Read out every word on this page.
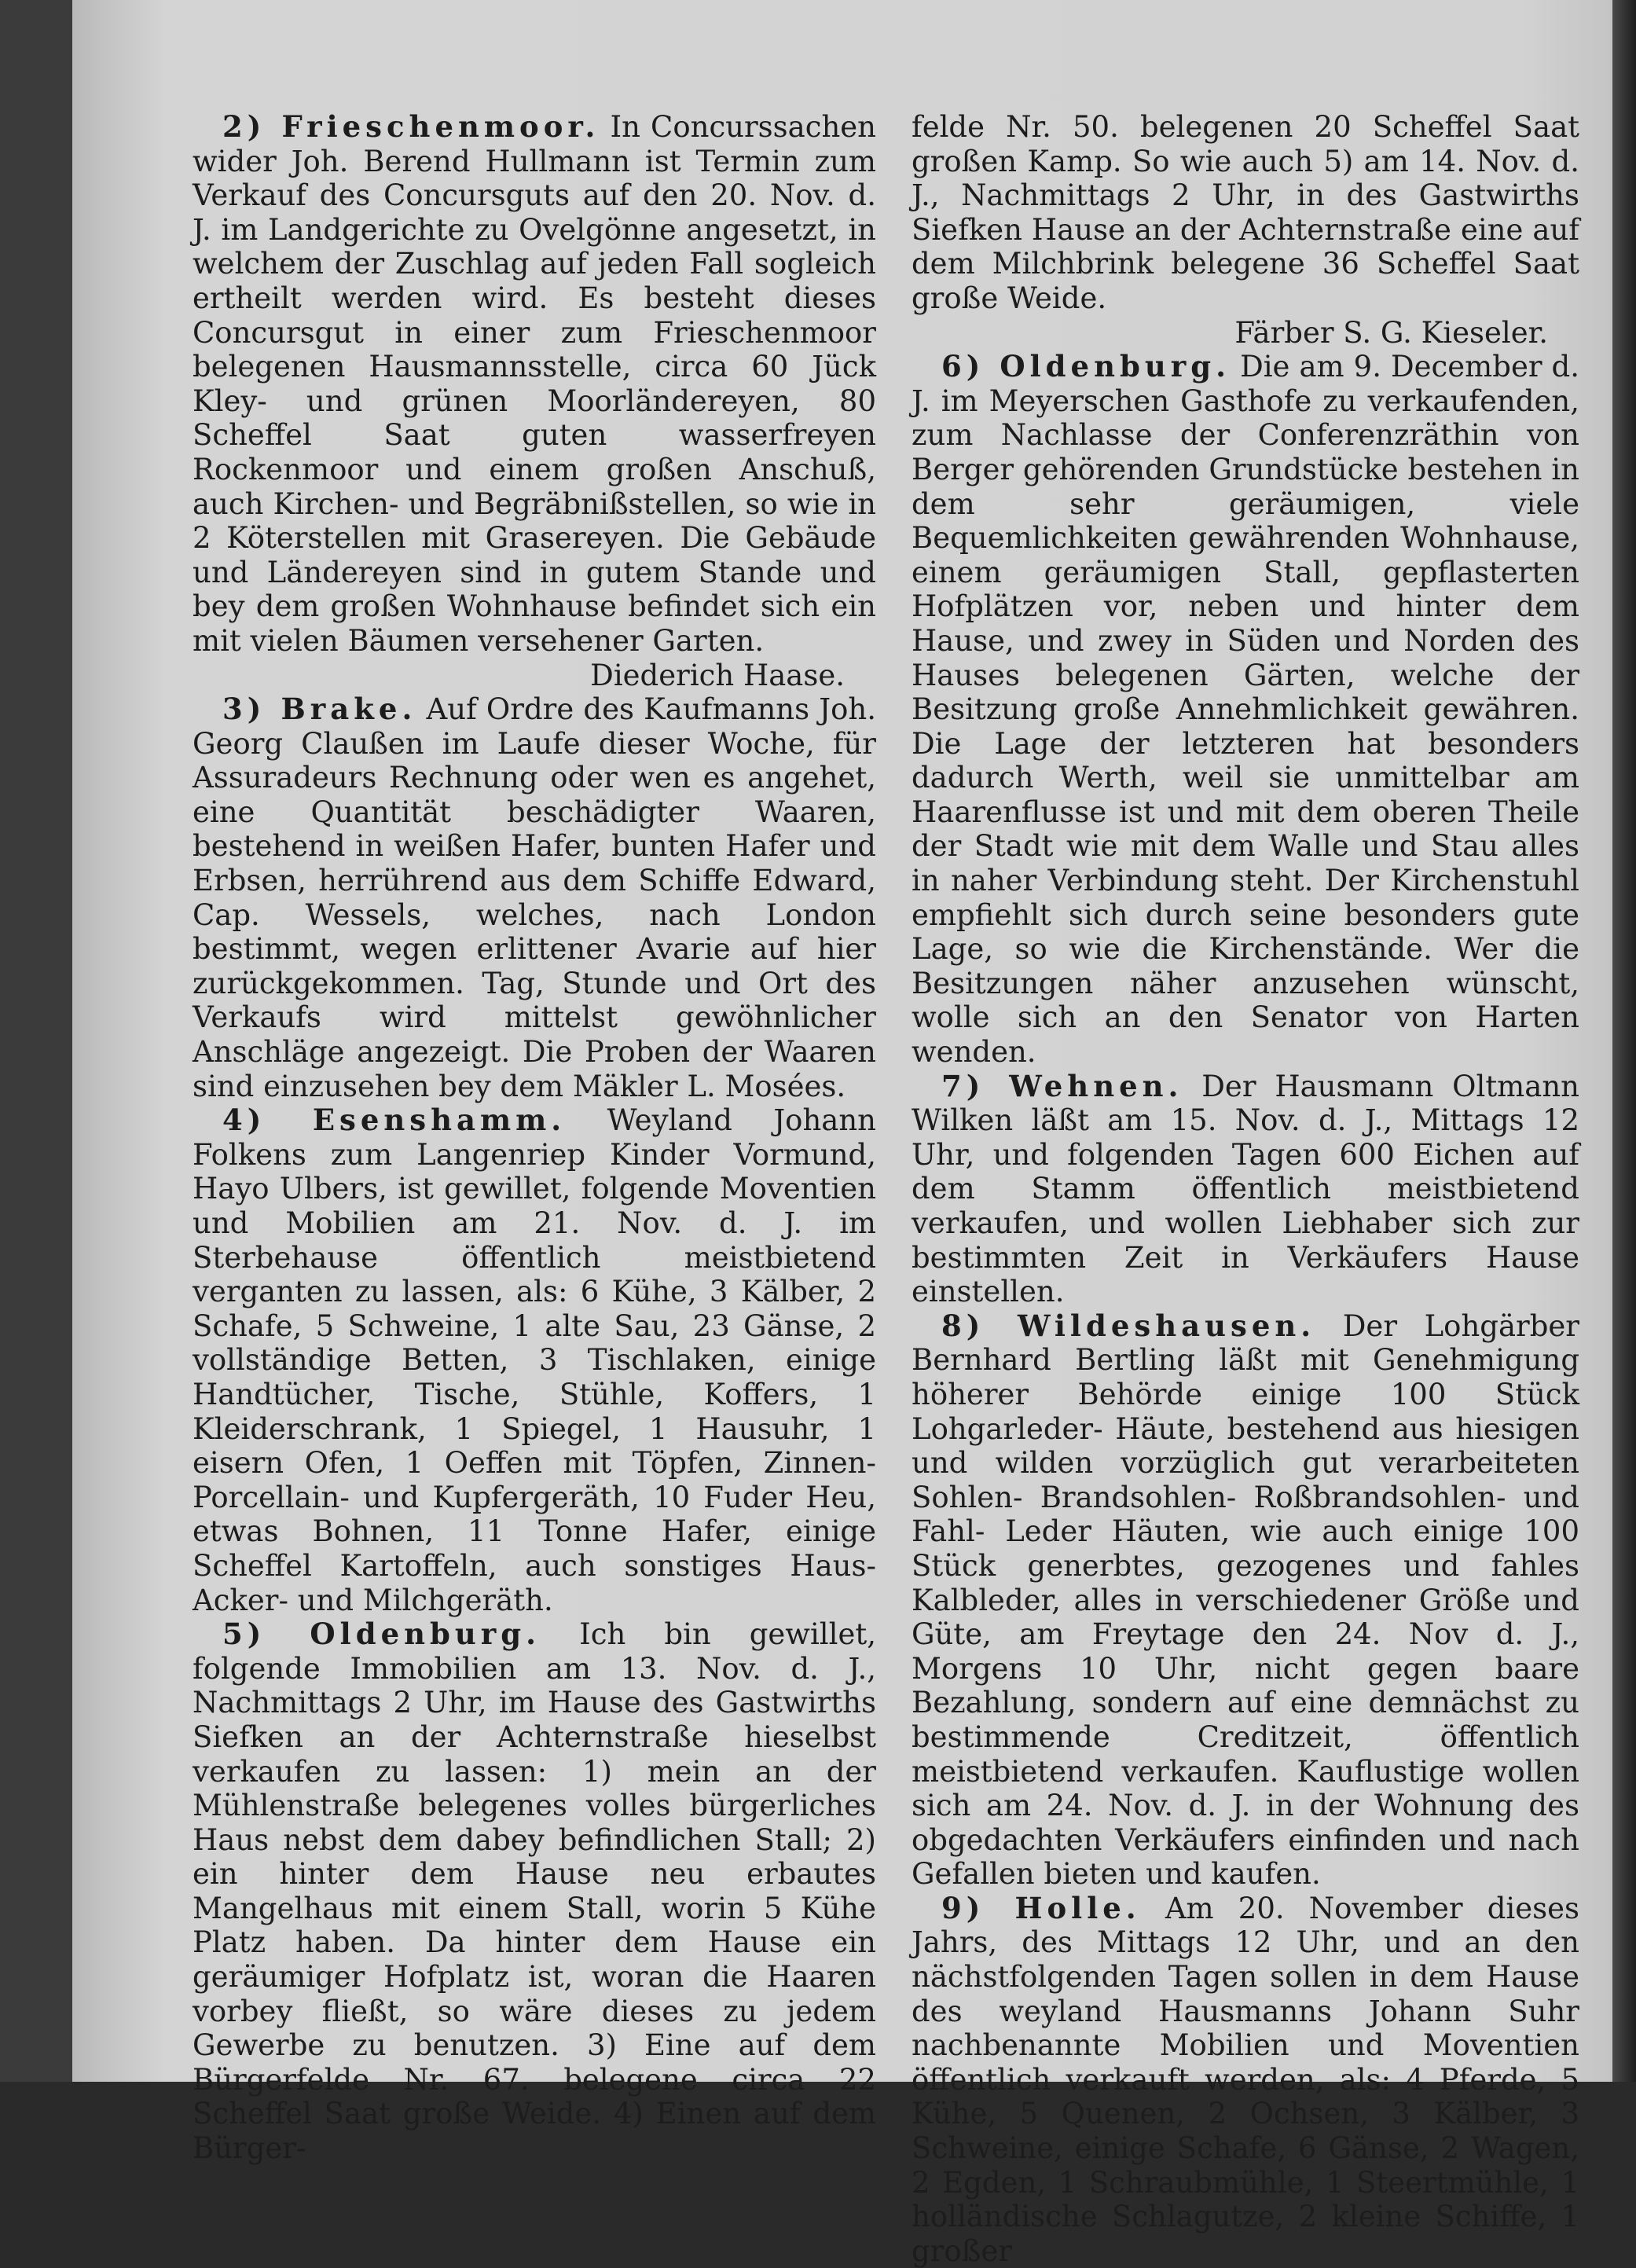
2) Frieschenmoor. In Concurssachen wider Joh. Berend Hullmann ist Termin zum Verkauf des Concursguts auf den 20. Nov. d. J. im Landgerichte zu Ovelgönne angesetzt, in welchem der Zuschlag auf jeden Fall sogleich ertheilt werden wird. Es besteht dieses Concursgut in einer zum Frieschenmoor belegenen Hausmannsstelle, circa 60 Jück Kley- und grünen Moorländereyen, 80 Scheffel Saat guten wasserfreyen Rockenmoor und einem großen Anschuß, auch Kirchen- und Begräbnißstellen, so wie in 2 Köterstellen mit Grasereyen. Die Gebäude und Ländereyen sind in gutem Stande und bey dem großen Wohnhause befindet sich ein mit vielen Bäumen versehener Garten.

Diederich Haase.

3) Brake. Auf Ordre des Kaufmanns Joh. Georg Claußen im Laufe dieser Woche, für Assuradeurs Rechnung oder wen es angehet, eine Quantität beschädigter Waaren, bestehend in weißen Hafer, bunten Hafer und Erbsen, herrührend aus dem Schiffe Edward, Cap. Wessels, welches, nach London bestimmt, wegen erlittener Avarie auf hier zurückgekommen. Tag, Stunde und Ort des Verkaufs wird mittelst gewöhnlicher Anschläge angezeigt. Die Proben der Waaren sind einzusehen bey dem Mäkler L. Mosées.

4) Esenshamm. Weyland Johann Folkens zum Langenriep Kinder Vormund, Hayo Ulbers, ist gewillet, folgende Moventien und Mobilien am 21. Nov. d. J. im Sterbehause öffentlich meistbietend verganten zu lassen, als: 6 Kühe, 3 Kälber, 2 Schafe, 5 Schweine, 1 alte Sau, 23 Gänse, 2 vollständige Betten, 3 Tischlaken, einige Handtücher, Tische, Stühle, Koffers, 1 Kleiderschrank, 1 Spiegel, 1 Hausuhr, 1 eisern Ofen, 1 Oeffen mit Töpfen, Zinnen- Porcellain- und Kupfergeräth, 10 Fuder Heu, etwas Bohnen, 11 Tonne Hafer, einige Scheffel Kartoffeln, auch sonstiges Haus- Acker- und Milchgeräth.

5) Oldenburg. Ich bin gewillet, folgende Immobilien am 13. Nov. d. J., Nachmittags 2 Uhr, im Hause des Gastwirths Siefken an der Achternstraße hieselbst verkaufen zu lassen: 1) mein an der Mühlenstraße belegenes volles bürgerliches Haus nebst dem dabey befindlichen Stall; 2) ein hinter dem Hause neu erbautes Mangelhaus mit einem Stall, worin 5 Kühe Platz haben. Da hinter dem Hause ein geräumiger Hofplatz ist, woran die Haaren vorbey fließt, so wäre dieses zu jedem Gewerbe zu benutzen. 3) Eine auf dem Bürgerfelde Nr. 67. belegene circa 22 Scheffel Saat große Weide. 4) Einen auf dem Bürger-

felde Nr. 50. belegenen 20 Scheffel Saat großen Kamp. So wie auch 5) am 14. Nov. d. J., Nachmittags 2 Uhr, in des Gastwirths Siefken Hause an der Achternstraße eine auf dem Milchbrink belegene 36 Scheffel Saat große Weide.

Färber S. G. Kieseler.

6) Oldenburg. Die am 9. December d. J. im Meyerschen Gasthofe zu verkaufenden, zum Nachlasse der Conferenzräthin von Berger gehörenden Grundstücke bestehen in dem sehr geräumigen, viele Bequemlichkeiten gewährenden Wohnhause, einem geräumigen Stall, gepflasterten Hofplätzen vor, neben und hinter dem Hause, und zwey in Süden und Norden des Hauses belegenen Gärten, welche der Besitzung große Annehmlichkeit gewähren. Die Lage der letzteren hat besonders dadurch Werth, weil sie unmittelbar am Haarenflusse ist und mit dem oberen Theile der Stadt wie mit dem Walle und Stau alles in naher Verbindung steht. Der Kirchenstuhl empfiehlt sich durch seine besonders gute Lage, so wie die Kirchenstände. Wer die Besitzungen näher anzusehen wünscht, wolle sich an den Senator von Harten wenden.

7) Wehnen. Der Hausmann Oltmann Wilken läßt am 15. Nov. d. J., Mittags 12 Uhr, und folgenden Tagen 600 Eichen auf dem Stamm öffentlich meistbietend verkaufen, und wollen Liebhaber sich zur bestimmten Zeit in Verkäufers Hause einstellen.

8) Wildeshausen. Der Lohgärber Bernhard Bertling läßt mit Genehmigung höherer Behörde einige 100 Stück Lohgarleder- Häute, bestehend aus hiesigen und wilden vorzüglich gut verarbeiteten Sohlen- Brandsohlen- Roßbrandsohlen- und Fahl- Leder Häuten, wie auch einige 100 Stück generbtes, gezogenes und fahles Kalbleder, alles in verschiedener Größe und Güte, am Freytage den 24. Nov d. J., Morgens 10 Uhr, nicht gegen baare Bezahlung, sondern auf eine demnächst zu bestimmende Creditzeit, öffentlich meistbietend verkaufen. Kauflustige wollen sich am 24. Nov. d. J. in der Wohnung des obgedachten Verkäufers einfinden und nach Gefallen bieten und kaufen.

9) Holle. Am 20. November dieses Jahrs, des Mittags 12 Uhr, und an den nächstfolgenden Tagen sollen in dem Hause des weyland Hausmanns Johann Suhr nachbenannte Mobilien und Moventien öffentlich verkauft werden, als: 4 Pferde, 5 Kühe, 5 Quenen, 2 Ochsen, 3 Kälber, 3 Schweine, einige Schafe, 6 Gänse, 2 Wagen, 2 Egden, 1 Schraubmühle, 1 Steertmühle, 1 holländische Schlagutze, 2 kleine Schiffe, 1 großer
